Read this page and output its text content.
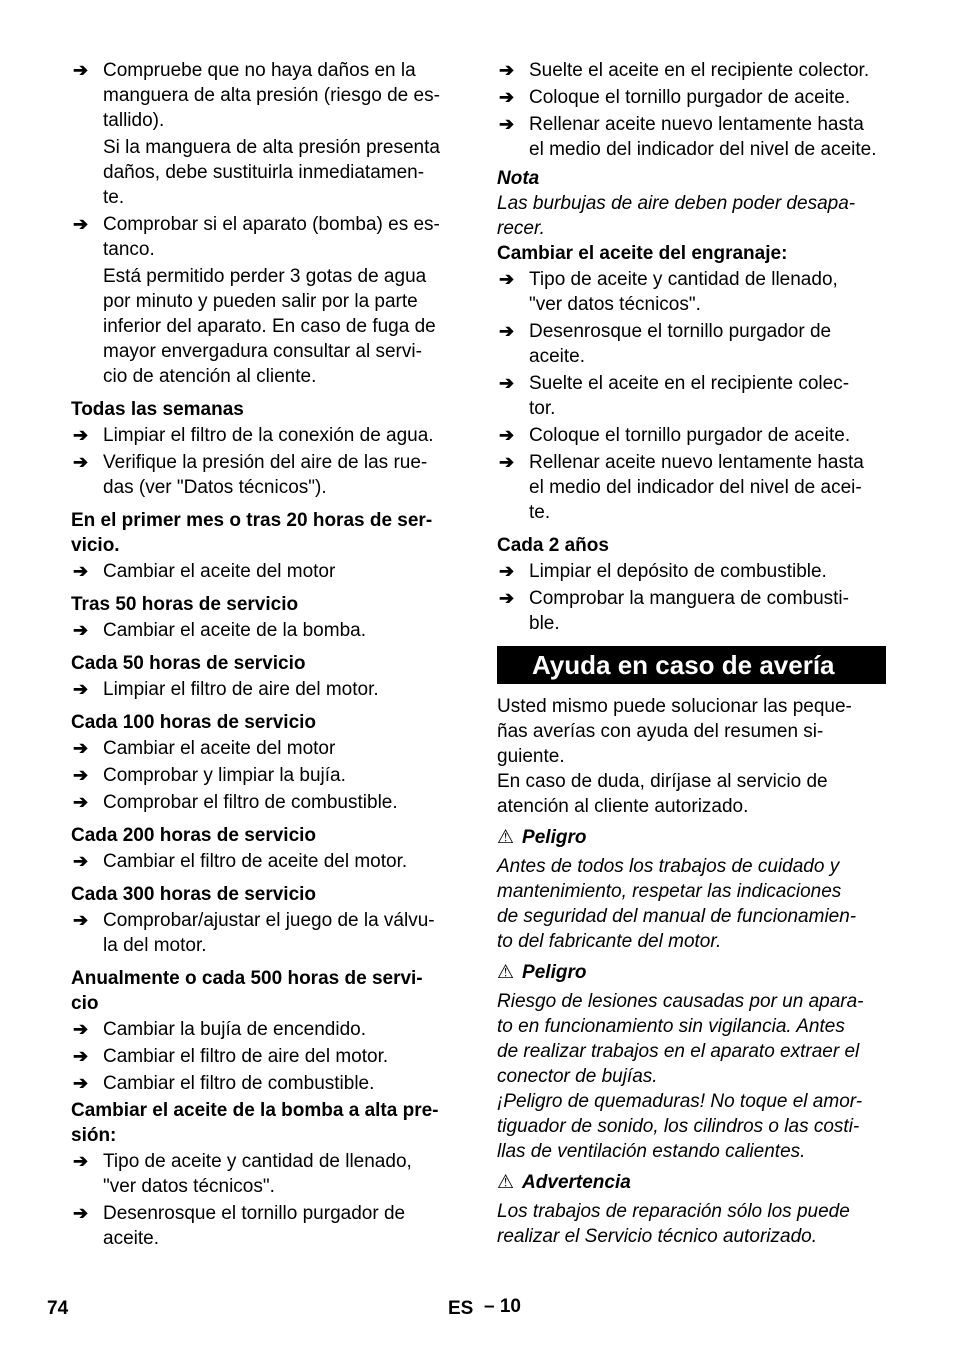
➔ Compruebe que no haya daños en la
manguera de alta presión (riesgo de es-
tallido).
Si la manguera de alta presión presenta
daños, debe sustituirla inmediatamen-
te.
➔ Comprobar si el aparato (bomba) es es-
tanco.
Está permitido perder 3 gotas de agua
por minuto y pueden salir por la parte
inferior del aparato. En caso de fuga de
mayor envergadura consultar al servi-
cio de atención al cliente.
Todas las semanas
➔ Limpiar el filtro de la conexión de agua.
➔ Verifique la presión del aire de las rue-
das (ver "Datos técnicos").
En el primer mes o tras 20 horas de ser-
vicio.
➔ Cambiar el aceite del motor
Tras 50 horas de servicio
➔ Cambiar el aceite de la bomba.
Cada 50 horas de servicio
➔ Limpiar el filtro de aire del motor.
Cada 100 horas de servicio
➔ Cambiar el aceite del motor
➔ Comprobar y limpiar la bujía.
➔ Comprobar el filtro de combustible.
Cada 200 horas de servicio
➔ Cambiar el filtro de aceite del motor.
Cada 300 horas de servicio
➔ Comprobar/ajustar el juego de la válvu-
la del motor.
Anualmente o cada 500 horas de servi-
cio
➔ Cambiar la bujía de encendido.
➔ Cambiar el filtro de aire del motor.
➔ Cambiar el filtro de combustible.
Cambiar el aceite de la bomba a alta pre-
sión:
➔ Tipo de aceite y cantidad de llenado,
"ver datos técnicos".
➔ Desenrosque el tornillo purgador de
aceite.
➔ Suelte el aceite en el recipiente colector.
➔ Coloque el tornillo purgador de aceite.
➔ Rellenar aceite nuevo lentamente hasta
el medio del indicador del nivel de aceite.
Nota
Las burbujas de aire deben poder desapa-
recer.
Cambiar el aceite del engranaje:
➔ Tipo de aceite y cantidad de llenado,
"ver datos técnicos".
➔ Desenrosque el tornillo purgador de
aceite.
➔ Suelte el aceite en el recipiente colec-
tor.
➔ Coloque el tornillo purgador de aceite.
➔ Rellenar aceite nuevo lentamente hasta
el medio del indicador del nivel de acei-
te.
Cada 2 años
➔ Limpiar el depósito de combustible.
➔ Comprobar la manguera de combusti-
ble.
Ayuda en caso de avería
Usted mismo puede solucionar las peque-
ñas averías con ayuda del resumen si-
guiente.
En caso de duda, diríjase al servicio de
atención al cliente autorizado.
⚠ Peligro
Antes de todos los trabajos de cuidado y
mantenimiento, respetar las indicaciones
de seguridad del manual de funcionamien-
to del fabricante del motor.
⚠ Peligro
Riesgo de lesiones causadas por un apara-
to en funcionamiento sin vigilancia. Antes
de realizar trabajos en el aparato extraer el
conector de bujías.
¡Peligro de quemaduras! No toque el amor-
tiguador de sonido, los cilindros o las costi-
llas de ventilación estando calientes.
⚠ Advertencia
Los trabajos de reparación sólo los puede
realizar el Servicio técnico autorizado.
74	ES – 10
